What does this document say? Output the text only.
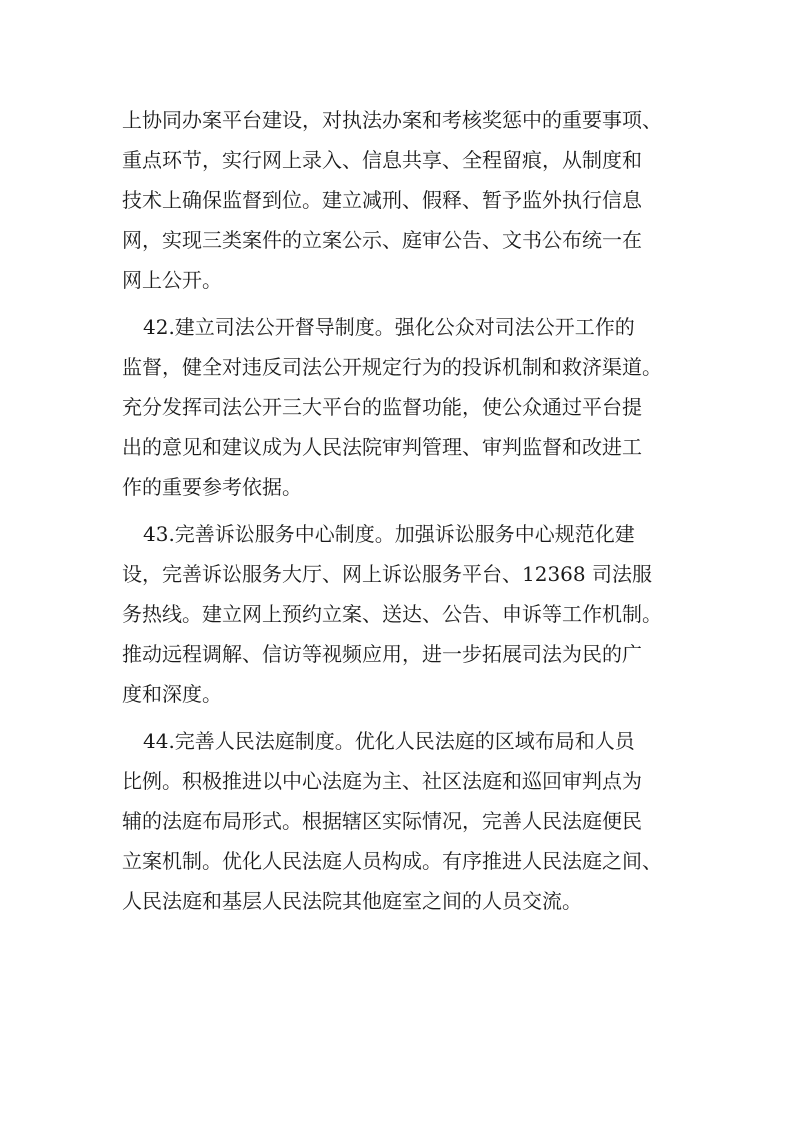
上协同办案平台建设，对执法办案和考核奖惩中的重要事项、

重点环节，实行网上录入、信息共享、全程留痕，从制度和

技术上确保监督到位。建立减刑、假释、暂予监外执行信息

网，实现三类案件的立案公示、庭审公告、文书公布统一在

网上公开。

42.建立司法公开督导制度。强化公众对司法公开工作的

监督，健全对违反司法公开规定行为的投诉机制和救济渠道。

充分发挥司法公开三大平台的监督功能，使公众通过平台提

出的意见和建议成为人民法院审判管理、审判监督和改进工

作的重要参考依据。

43.完善诉讼服务中心制度。加强诉讼服务中心规范化建

设，完善诉讼服务大厅、网上诉讼服务平台、12368 司法服

务热线。建立网上预约立案、送达、公告、申诉等工作机制。

推动远程调解、信访等视频应用，进一步拓展司法为民的广

度和深度。

44.完善人民法庭制度。优化人民法庭的区域布局和人员

比例。积极推进以中心法庭为主、社区法庭和巡回审判点为

辅的法庭布局形式。根据辖区实际情况，完善人民法庭便民

立案机制。优化人民法庭人员构成。有序推进人民法庭之间、

人民法庭和基层人民法院其他庭室之间的人员交流。
